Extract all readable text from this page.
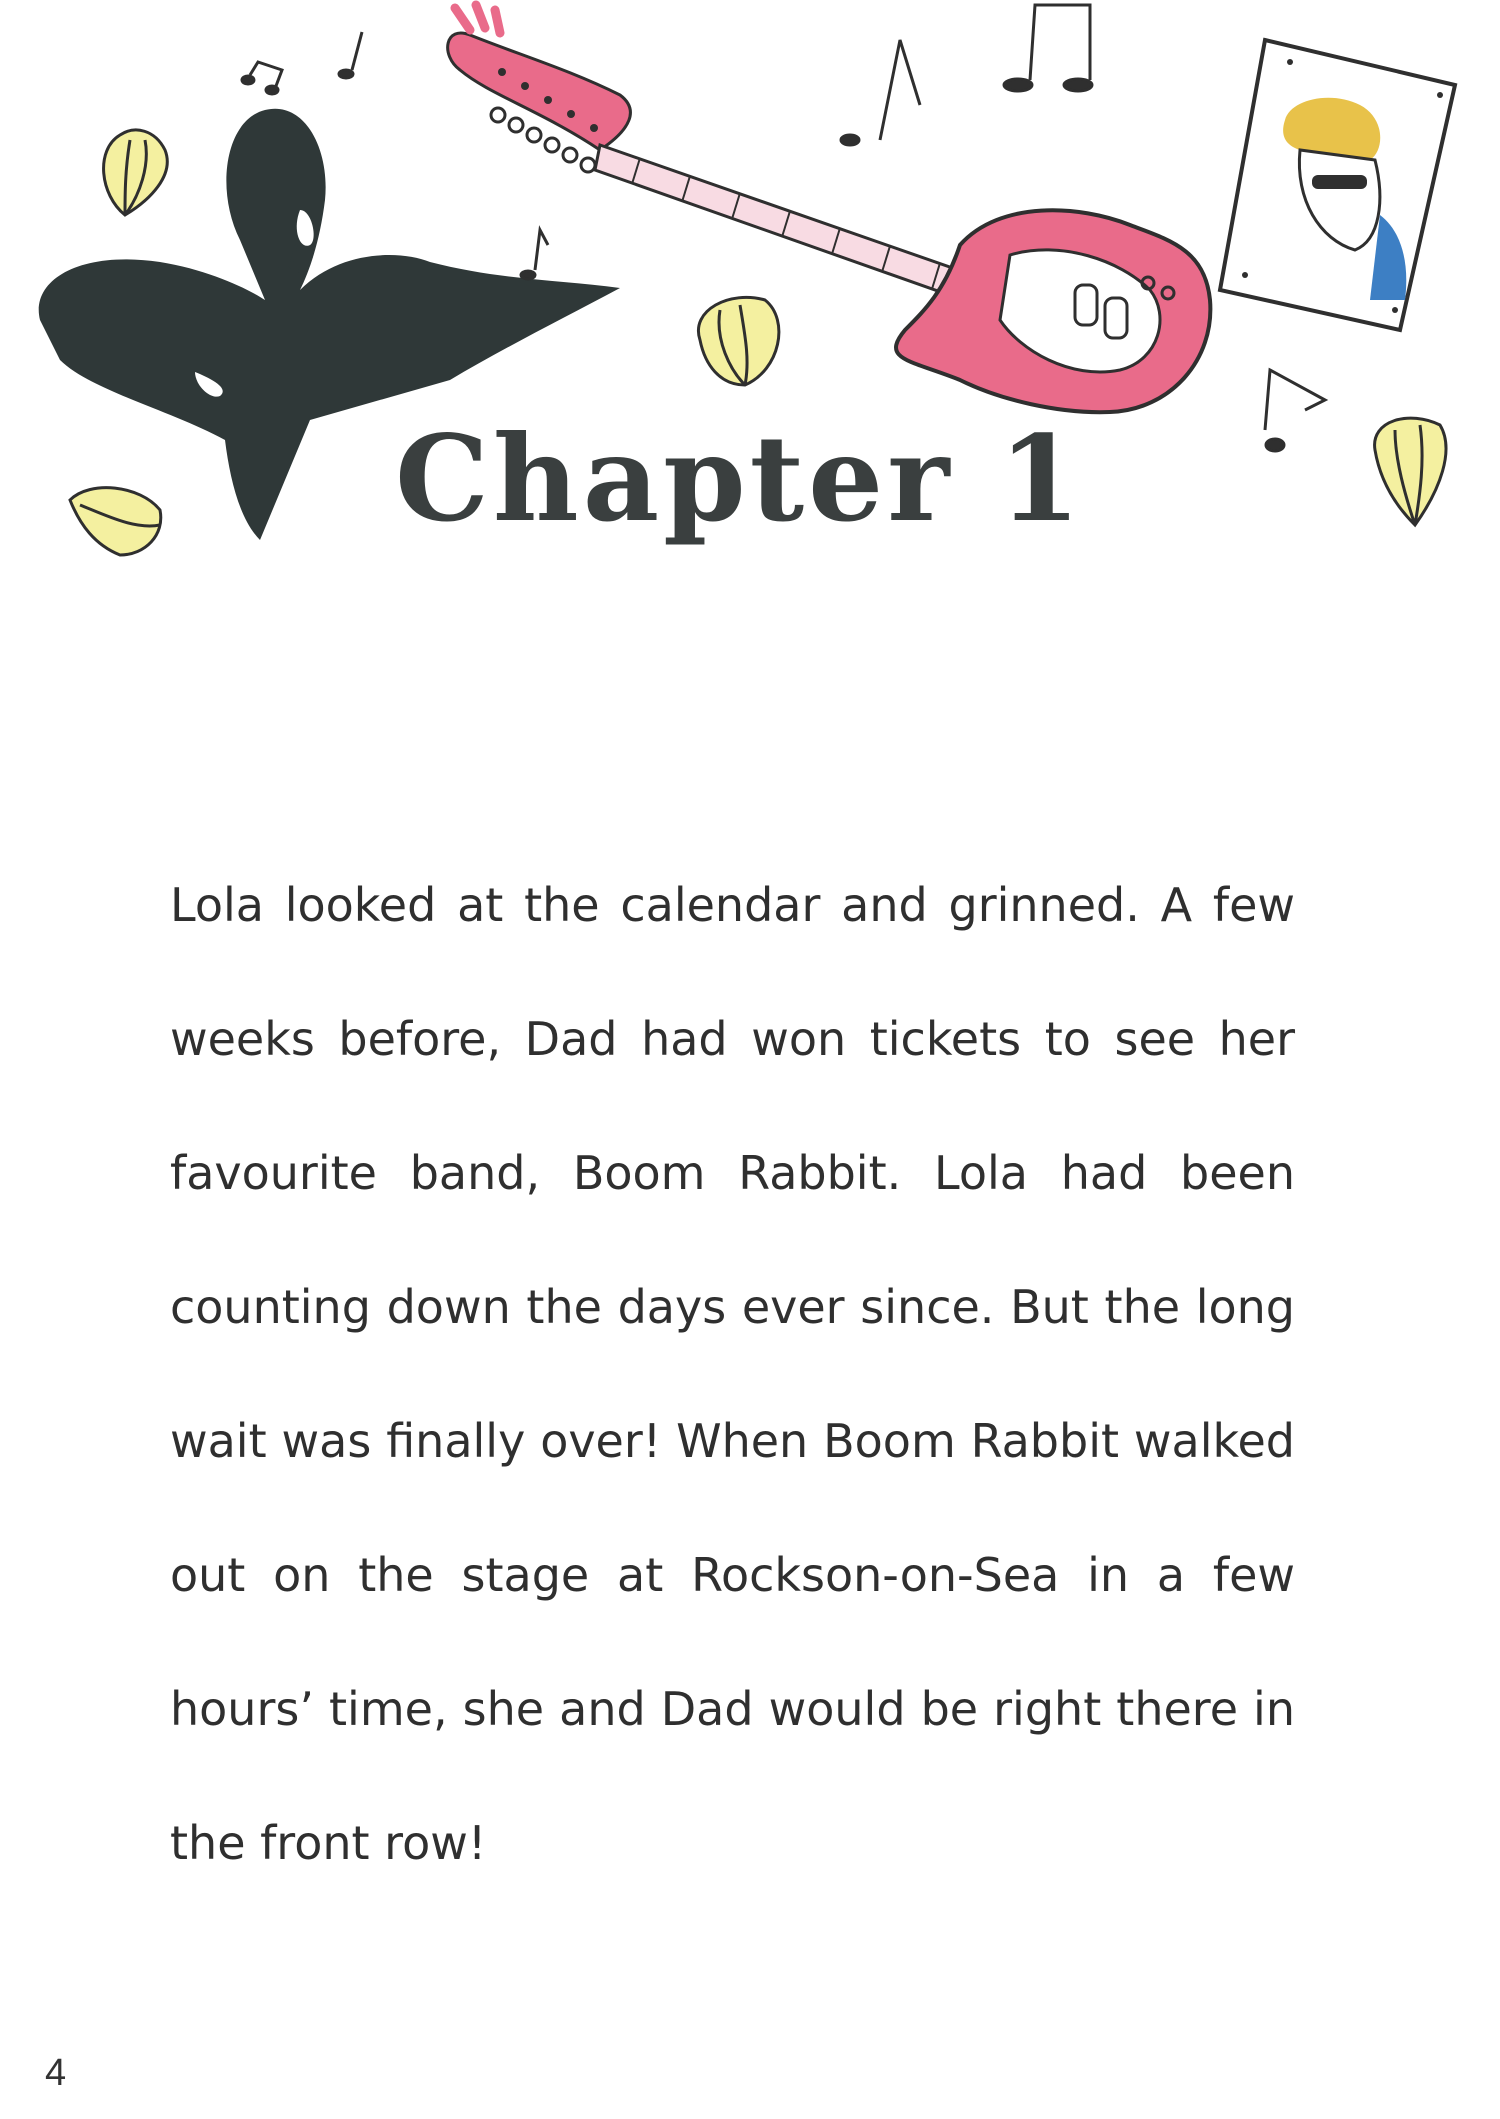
Chapter 1
Lola looked at the calendar and grinned. A few
weeks before, Dad had won tickets to see her
favourite band, Boom Rabbit. Lola had been
counting down the days ever since. But the long
wait was finally over! When Boom Rabbit walked
out on the stage at Rockson-on-Sea in a few
hours’ time, she and Dad would be right there in
the front row!
4
